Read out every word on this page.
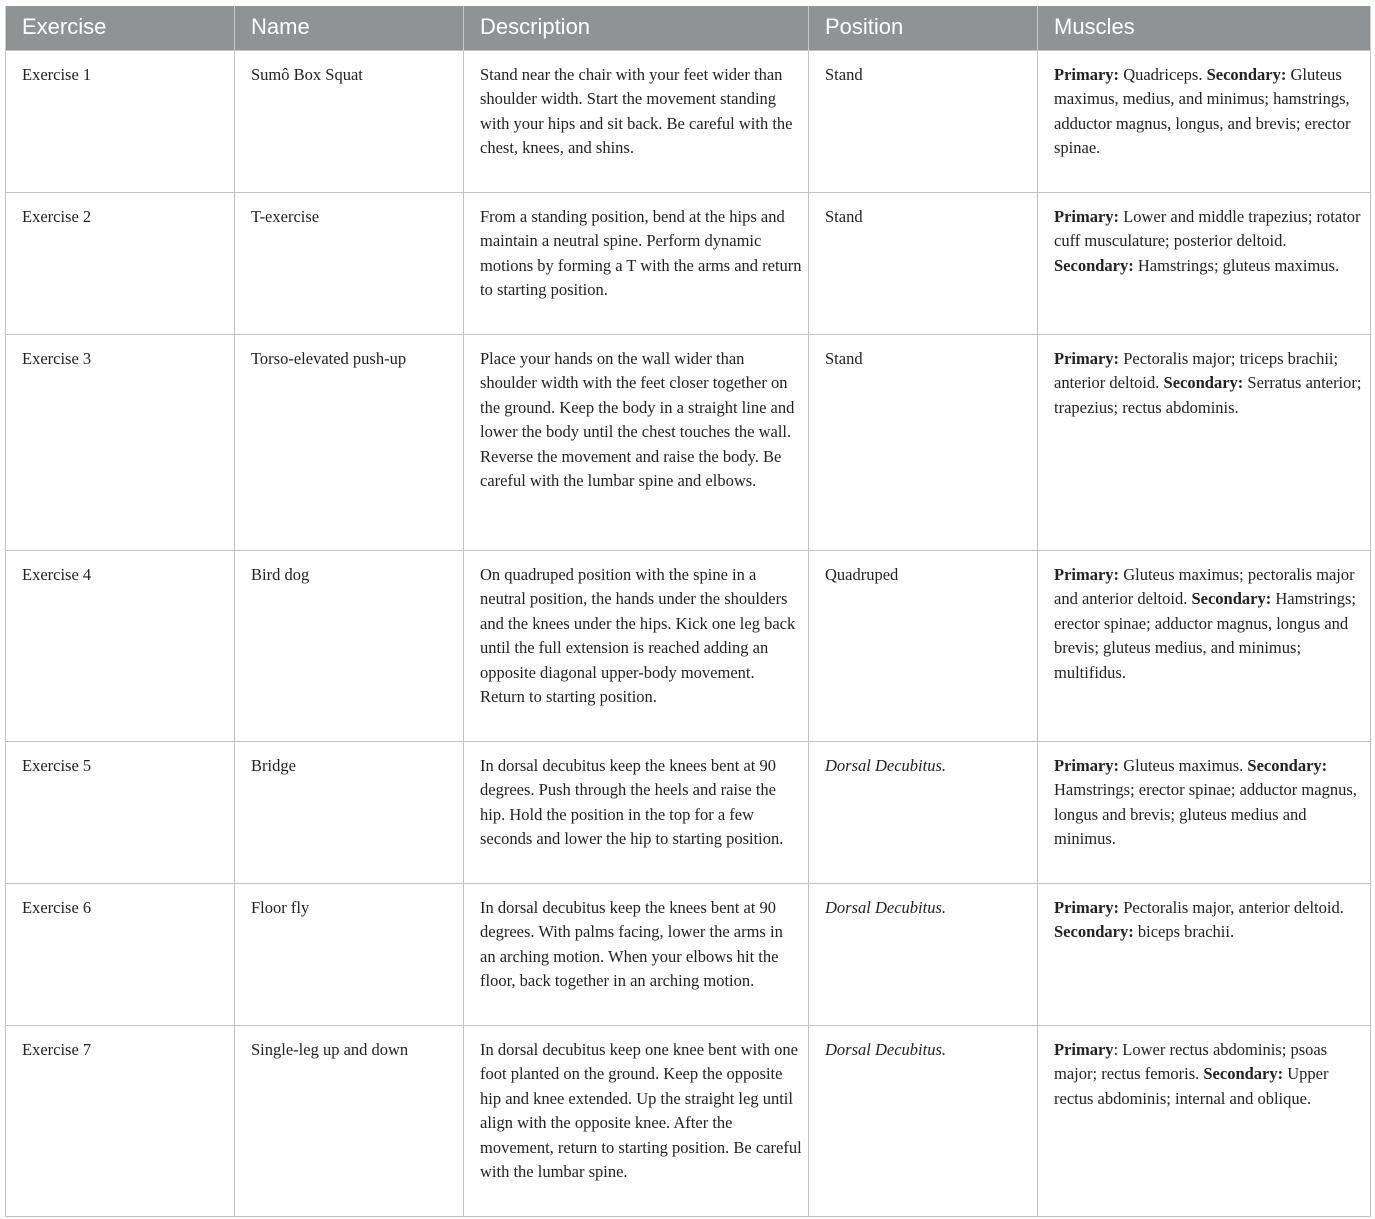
Exercise	Name	Description	Position	Muscles
Exercise 1	Sumô Box Squat	Stand near the chair with your feet wider than shoulder width. Start the movement standing with your hips and sit back. Be careful with the chest, knees, and shins.	Stand	Primary: Quadriceps. Secondary: Gluteus maximus, medius, and minimus; hamstrings, adductor magnus, longus, and brevis; erector spinae.
Exercise 2	T-exercise	From a standing position, bend at the hips and maintain a neutral spine. Perform dynamic motions by forming a T with the arms and return to starting position.	Stand	Primary: Lower and middle trapezius; rotator cuff musculature; posterior deltoid. Secondary: Hamstrings; gluteus maximus.
Exercise 3	Torso-elevated push-up	Place your hands on the wall wider than shoulder width with the feet closer together on the ground. Keep the body in a straight line and lower the body until the chest touches the wall. Reverse the movement and raise the body. Be careful with the lumbar spine and elbows.	Stand	Primary: Pectoralis major; triceps brachii; anterior deltoid. Secondary: Serratus anterior; trapezius; rectus abdominis.
Exercise 4	Bird dog	On quadruped position with the spine in a neutral position, the hands under the shoulders and the knees under the hips. Kick one leg back until the full extension is reached adding an opposite diagonal upper-body movement. Return to starting position.	Quadruped	Primary: Gluteus maximus; pectoralis major and anterior deltoid. Secondary: Hamstrings; erector spinae; adductor magnus, longus and brevis; gluteus medius, and minimus; multifidus.
Exercise 5	Bridge	In dorsal decubitus keep the knees bent at 90 degrees. Push through the heels and raise the hip. Hold the position in the top for a few seconds and lower the hip to starting position.	Dorsal Decubitus.	Primary: Gluteus maximus. Secondary: Hamstrings; erector spinae; adductor magnus, longus and brevis; gluteus medius and minimus.
Exercise 6	Floor fly	In dorsal decubitus keep the knees bent at 90 degrees. With palms facing, lower the arms in an arching motion. When your elbows hit the floor, back together in an arching motion.	Dorsal Decubitus.	Primary: Pectoralis major, anterior deltoid. Secondary: biceps brachii.
Exercise 7	Single-leg up and down	In dorsal decubitus keep one knee bent with one foot planted on the ground. Keep the opposite hip and knee extended. Up the straight leg until align with the opposite knee. After the movement, return to starting position. Be careful with the lumbar spine.	Dorsal Decubitus.	Primary: Lower rectus abdominis; psoas major; rectus femoris. Secondary: Upper rectus abdominis; internal and oblique.
